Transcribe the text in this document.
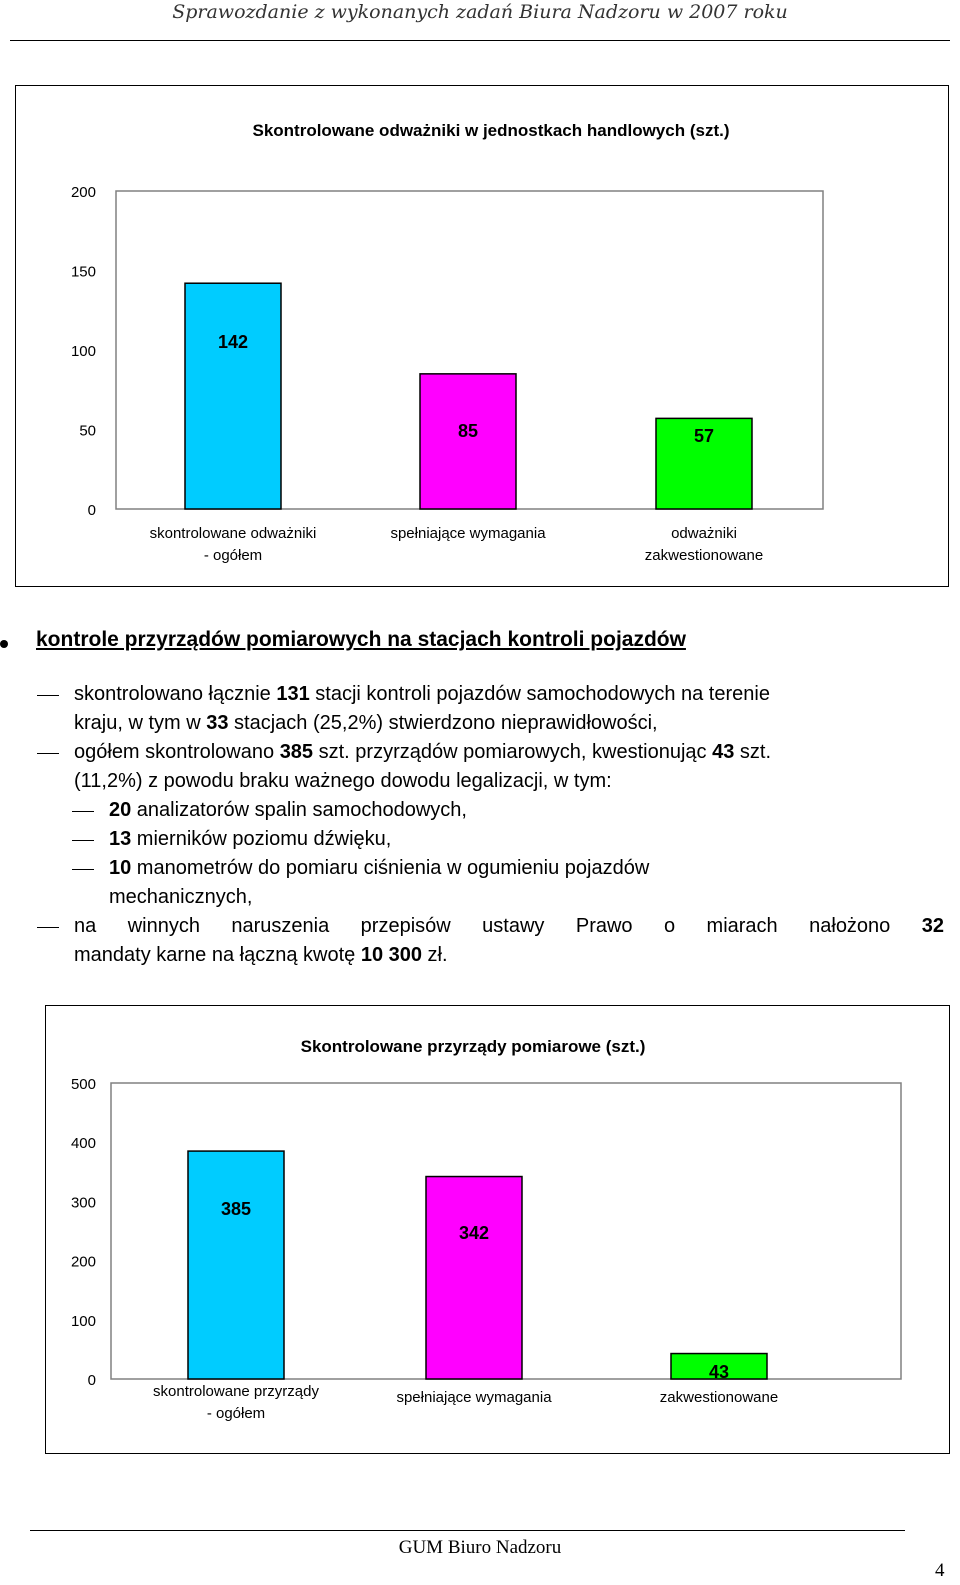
Sprawozdanie z wykonanych zadań Biura Nadzoru w 2007 roku
Skontrolowane odważniki w jednostkach handlowych (szt.)
0
50
100
150
200
142
skontrolowane odważniki
- ogółem
85
spełniające wymagania
57
odważniki
zakwestionowane
kontrole przyrządów pomiarowych na stacjach kontroli pojazdów
skontrolowano łącznie 131 stacji kontroli pojazdów samochodowych na terenie
kraju, w tym w 33 stacjach (25,2%) stwierdzono nieprawidłowości,
ogółem skontrolowano 385 szt. przyrządów pomiarowych, kwestionując 43 szt.
(11,2%) z powodu braku ważnego dowodu legalizacji, w tym:
20 analizatorów spalin samochodowych,
13 mierników poziomu dźwięku,
10 manometrów do pomiaru ciśnienia w ogumieniu pojazdów
mechanicznych,
na winnych naruszenia przepisów ustawy Prawo o miarach nałożono 32
mandaty karne na łączną kwotę 10 300 zł.
Skontrolowane przyrządy pomiarowe (szt.)
0
100
200
300
400
500
385
skontrolowane przyrządy
- ogółem
342
spełniające wymagania
43
zakwestionowane
GUM Biuro Nadzoru
4
